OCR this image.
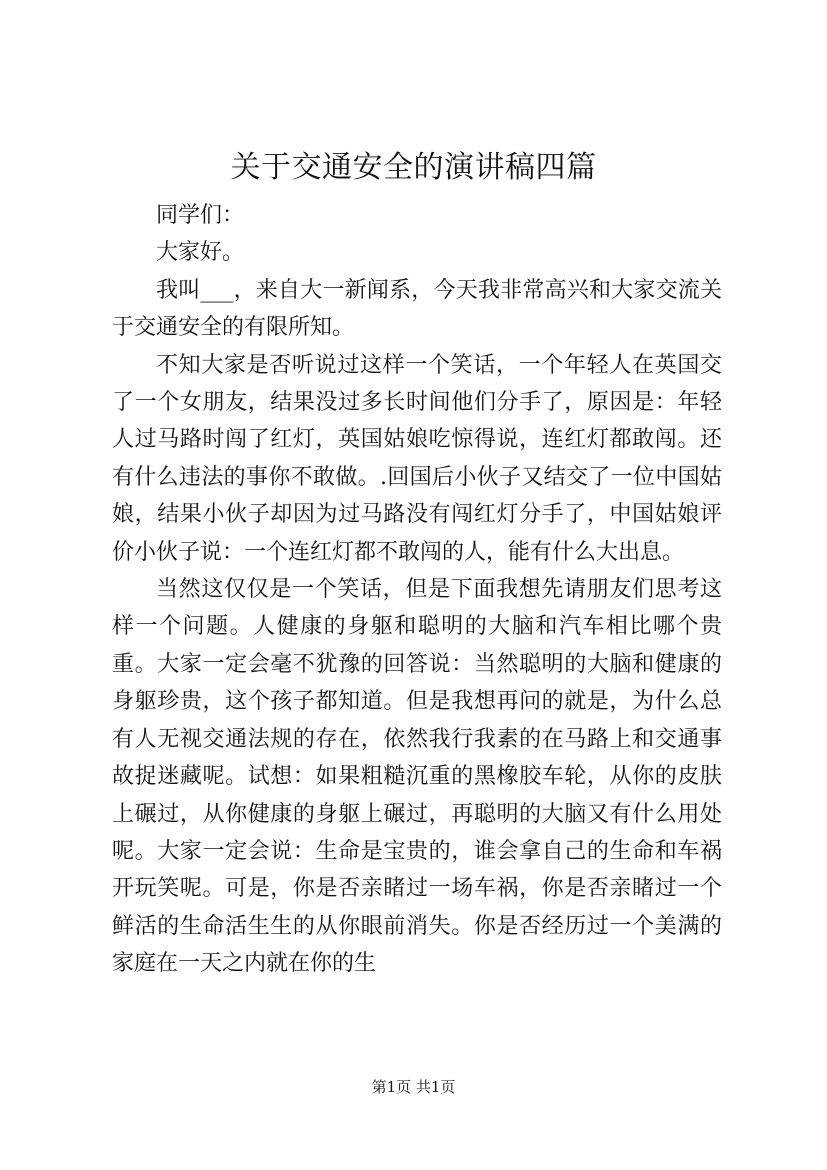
关于交通安全的演讲稿四篇

同学们：

大家好。

我叫___，来自大一新闻系，今天我非常高兴和大家交流关于交通安全的有限所知。

不知大家是否听说过这样一个笑话，一个年轻人在英国交了一个女朋友，结果没过多长时间他们分手了，原因是：年轻人过马路时闯了红灯，英国姑娘吃惊得说，连红灯都敢闯。还有什么违法的事你不敢做。.回国后小伙子又结交了一位中国姑娘，结果小伙子却因为过马路没有闯红灯分手了，中国姑娘评价小伙子说：一个连红灯都不敢闯的人，能有什么大出息。

当然这仅仅是一个笑话，但是下面我想先请朋友们思考这样一个问题。人健康的身躯和聪明的大脑和汽车相比哪个贵重。大家一定会毫不犹豫的回答说：当然聪明的大脑和健康的身躯珍贵，这个孩子都知道。但是我想再问的就是，为什么总有人无视交通法规的存在，依然我行我素的在马路上和交通事故捉迷藏呢。试想：如果粗糙沉重的黑橡胶车轮，从你的皮肤上碾过，从你健康的身躯上碾过，再聪明的大脑又有什么用处呢。大家一定会说：生命是宝贵的，谁会拿自己的生命和车祸开玩笑呢。可是，你是否亲睹过一场车祸，你是否亲睹过一个鲜活的生命活生生的从你眼前消失。你是否经历过一个美满的家庭在一天之内就在你的生

第1页 共1页
